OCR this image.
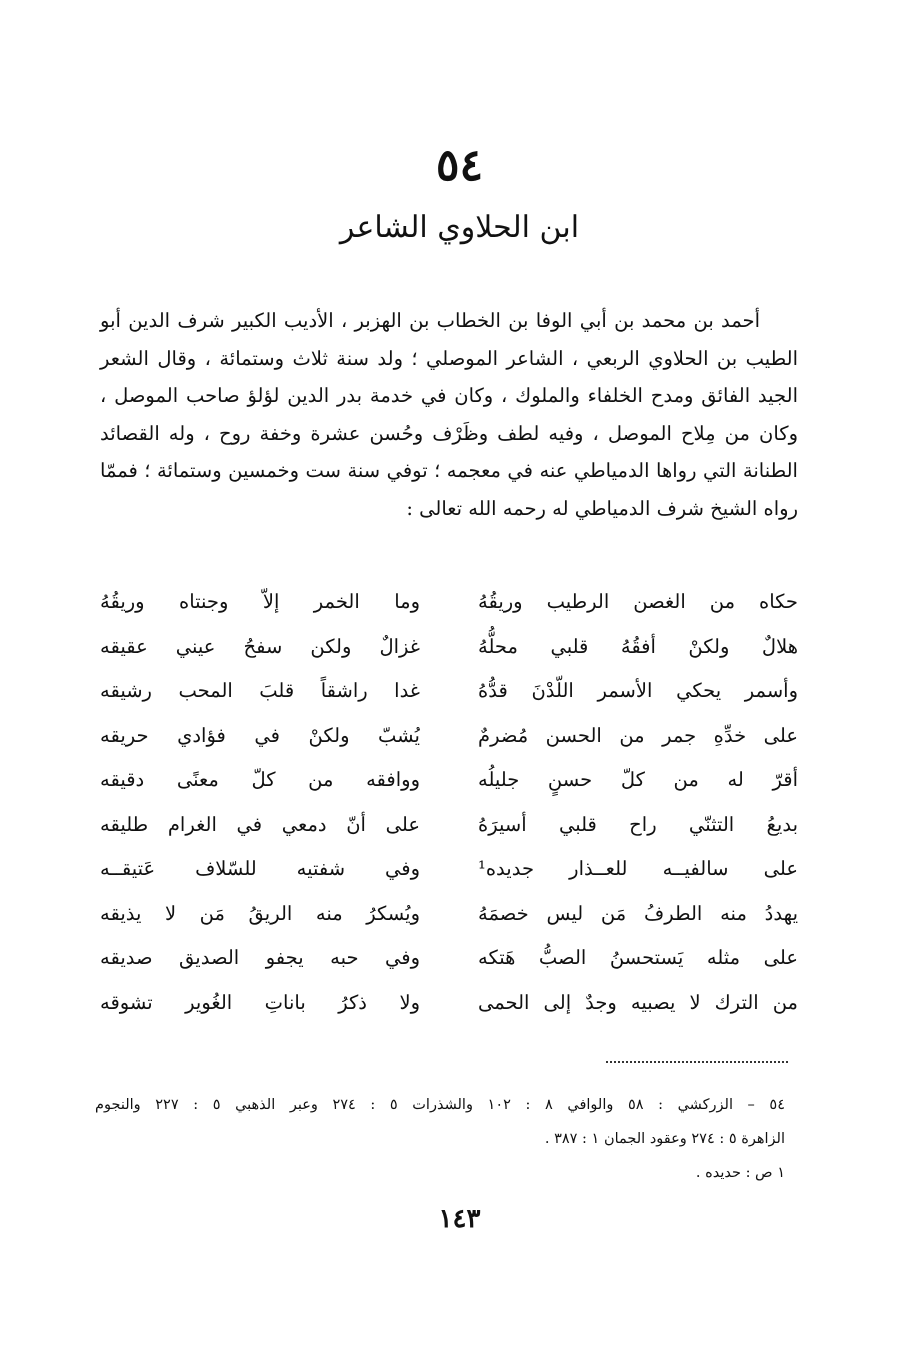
٥٤
ابن الحلاوي الشاعر
أحمد بن محمد بن أبي الوفا بن الخطاب بن الهزبر ، الأديب الكبير شرف الدين أبو الطيب بن الحلاوي الربعي ، الشاعر الموصلي ؛ ولد سنة ثلاث وستمائة ، وقال الشعر الجيد الفائق ومدح الخلفاء والملوك ، وكان في خدمة بدر الدين لؤلؤ صاحب الموصل ، وكان من مِلاح الموصل ، وفيه لطف وظَرْف وحُسن عشرة وخفة روح ، وله القصائد الطنانة التي رواها الدمياطي عنه في معجمه ؛ توفي سنة ست وخمسين وستمائة ؛ فممّا رواه الشيخ شرف الدمياطي له رحمه الله تعالى :
حكاه من الغصن الرطيب وريقُهُ
وما الخمر إلاّ وجنتاه وريقُهُ
هلالٌ ولكنْ أفقُهُ قلبي محلُّهُ
غزالٌ ولكن سفحُ عيني عقيقه
وأسمر يحكي الأسمر اللّدْنَ قدُّهُ
غدا راشقاً قلبَ المحب رشيقه
على خدِّهِ جمر من الحسن مُضرمٌ
يُشبّ ولكنْ في فؤادي حريقه
أقرّ له من كلّ حسنٍ جليلُه
ووافقه من كلّ معنًى دقيقه
بديعُ التثنّي راح قلبي أسيرَهُ
على أنّ دمعي في الغرام طليقه
على سالفيــه للعــذار جديده¹
وفي شفتيه للسّلاف عَتيقــه
يهددُ منه الطرفُ مَن ليس خصمَهُ
ويُسكرُ منه الريقُ مَن لا يذيقه
على مثله يَستحسنُ الصبُّ هَتكه
وفي حبه يجفو الصديق صديقه
من الترك لا يصبيه وجدٌ إلى الحمى
ولا ذكرُ باناتِ الغُوير تشوقه
٥٤ – الزركشي : ٥٨ والوافي ٨ : ١٠٢ والشذرات ٥ : ٢٧٤ وعبر الذهبي ٥ : ٢٢٧ والنجوم
الزاهرة ٥ : ٢٧٤ وعقود الجمان ١ : ٣٨٧ .
١ ص : حديده .
١٤٣
